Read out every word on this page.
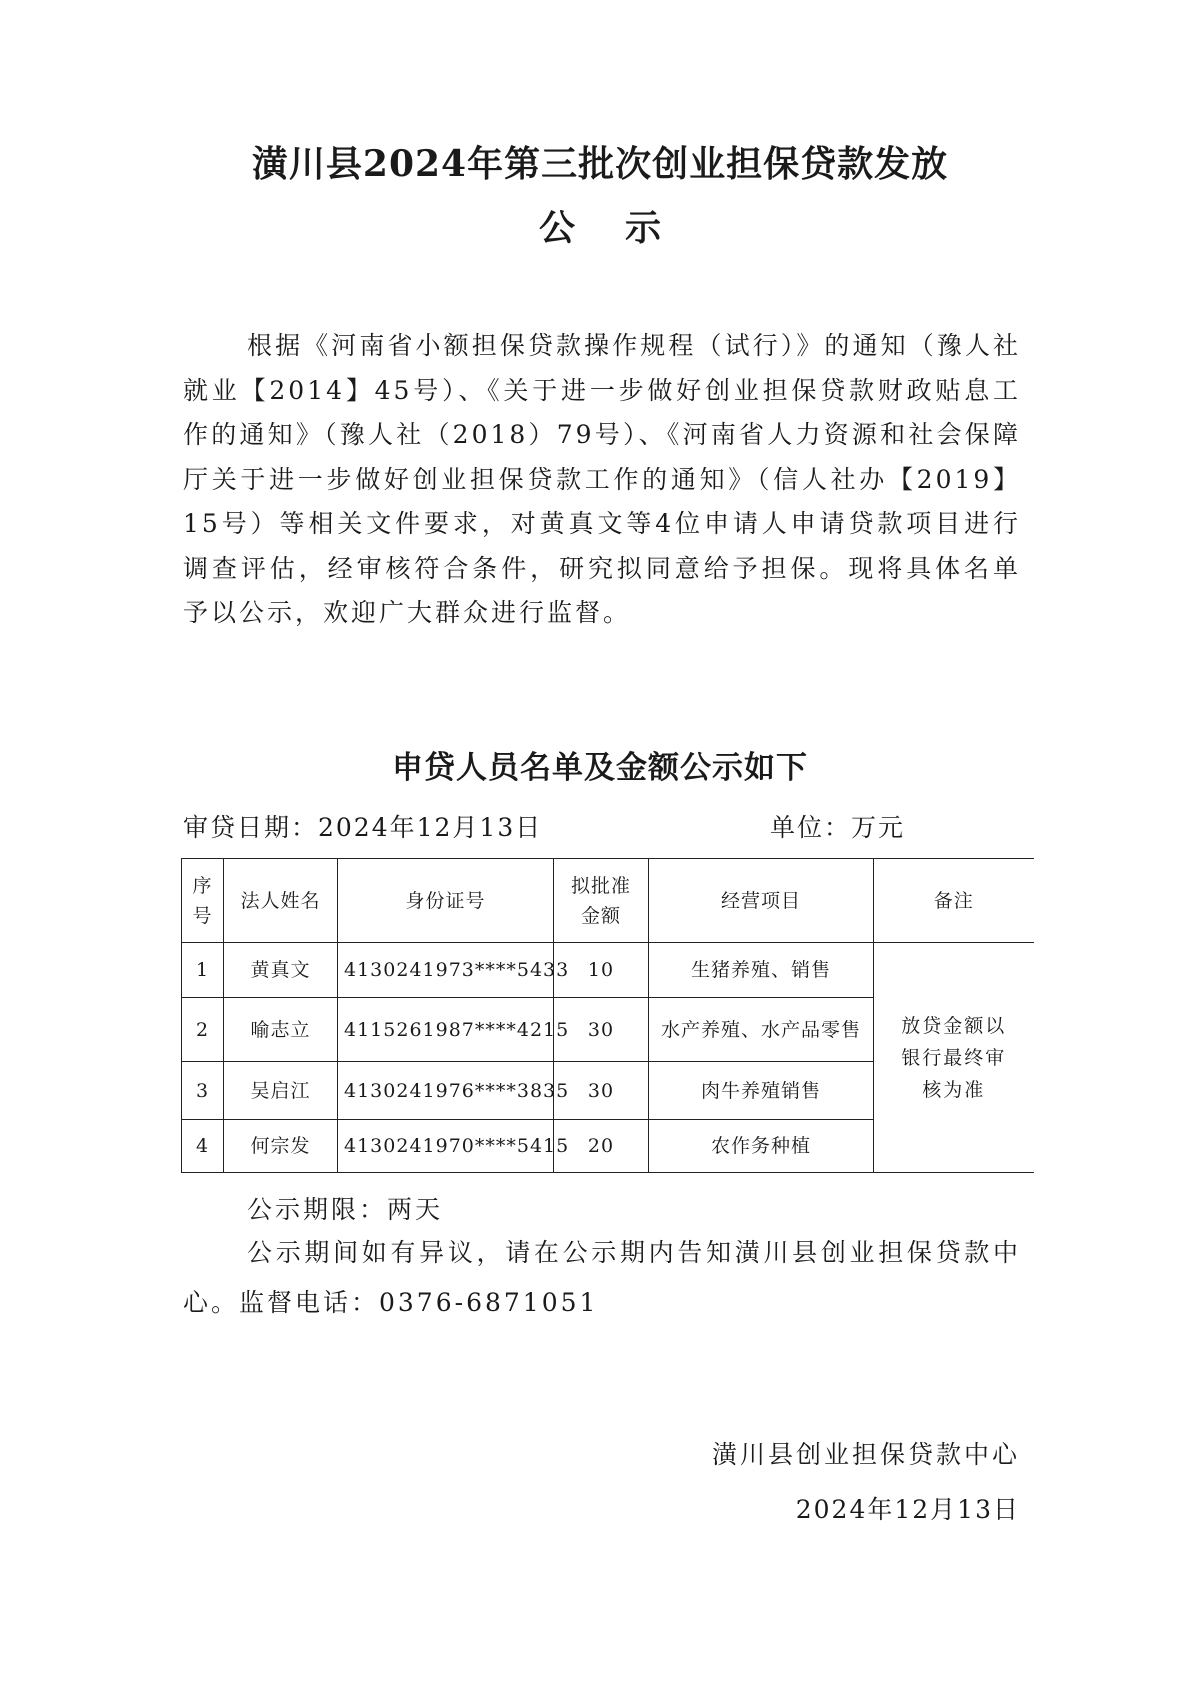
潢川县2024年第三批次创业担保贷款发放
公示

根据《河南省小额担保贷款操作规程（试行）》的通知（豫人社就业【2014】45号）、《关于进一步做好创业担保贷款财政贴息工作的通知》（豫人社（2018）79号）、《河南省人力资源和社会保障厅关于进一步做好创业担保贷款工作的通知》（信人社办【2019】15号）等相关文件要求，对黄真文等4位申请人申请贷款项目进行调查评估，经审核符合条件，研究拟同意给予担保。现将具体名单予以公示，欢迎广大群众进行监督。

申贷人员名单及金额公示如下
审贷日期：2024年12月13日	单位：万元
序号	法人姓名	身份证号	拟批准金额	经营项目	备注
1	黄真文	4130241973****5433	10	生猪养殖、销售	放贷金额以银行最终审核为准
2	喻志立	4115261987****4215	30	水产养殖、水产品零售	
3	吴启江	4130241976****3835	30	肉牛养殖销售	
4	何宗发	4130241970****5415	20	农作务种植	
公示期限：两天

公示期间如有异议，请在公示期内告知潢川县创业担保贷款中心。监督电话：0376-6871051

潢川县创业担保贷款中心
2024年12月13日
